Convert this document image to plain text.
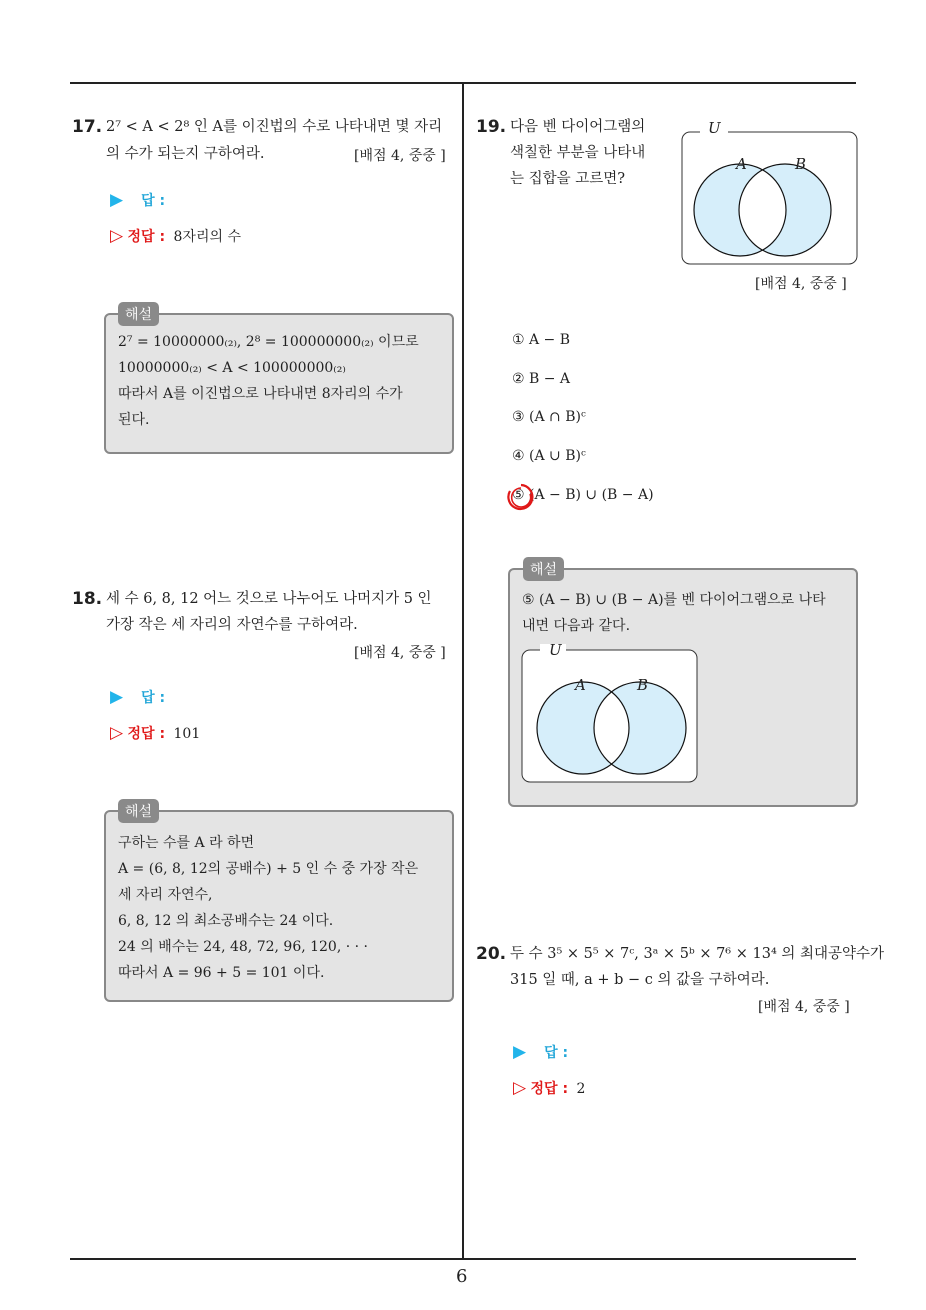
6
17. 2⁷ < A < 2⁸ 인 A를 이진법의 수로 나타내면 몇 자리
의 수가 되는지 구하여라.	[배점 4, 중중 ]
▶ 답 :
▷ 정답 : 8자리의 수
2⁷ = 10000000₍₂₎, 2⁸ = 100000000₍₂₎ 이므로
10000000₍₂₎ < A < 100000000₍₂₎
따라서 A를 이진법으로 나타내면 8자리의 수가
된다.
해설
18. 세 수 6, 8, 12 어느 것으로 나누어도 나머지가 5 인
가장 작은 세 자리의 자연수를 구하여라.
[배점 4, 중중 ]
▶ 답 :
▷ 정답 : 101
구하는 수를 A 라 하면
A = (6, 8, 12의 공배수) + 5 인 수 중 가장 작은
세 자리 자연수,
6, 8, 12 의 최소공배수는 24 이다.
24 의 배수는 24, 48, 72, 96, 120, · · ·
따라서 A = 96 + 5 = 101 이다.
해설
19. 다음 벤 다이어그램의
색칠한 부분을 나타내
는 집합을 고르면?
U
A	B
[배점 4, 중중 ]
① A − B
② B − A
③ (A ∩ B)ᶜ
④ (A ∪ B)ᶜ
⑤ (A − B) ∪ (B − A)
⑤ (A − B) ∪ (B − A)를 벤 다이어그램으로 나타
내면 다음과 같다.
해설
U
A	B
20. 두 수 3⁵ × 5⁵ × 7ᶜ, 3ᵃ × 5ᵇ × 7⁶ × 13⁴ 의 최대공약수가
315 일 때, a + b − c 의 값을 구하여라.
[배점 4, 중중 ]
▶ 답 :
▷ 정답 : 2
